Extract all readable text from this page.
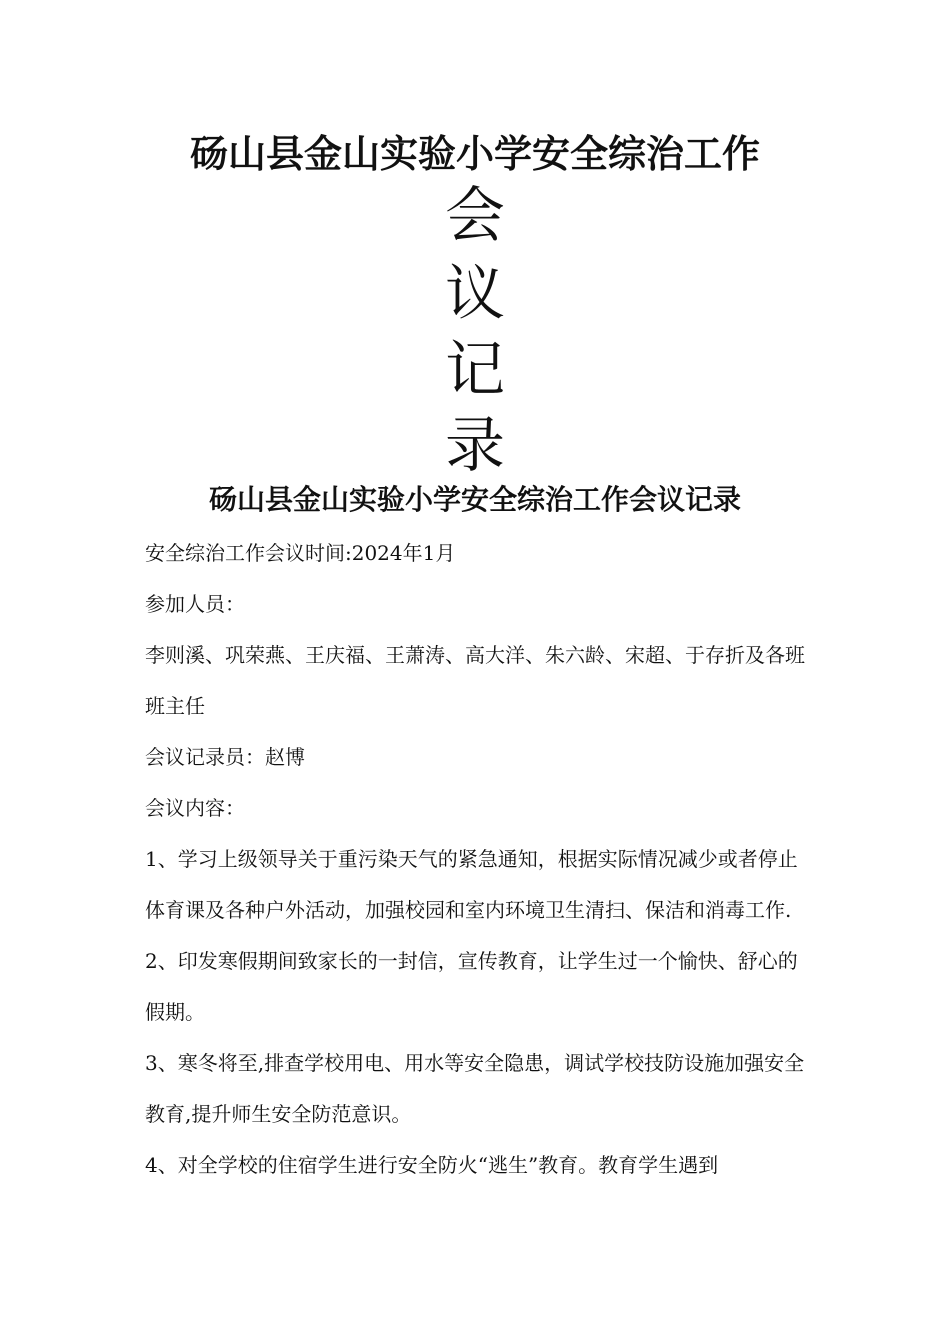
砀山县金山实验小学安全综治工作
会
议
记
录
砀山县金山实验小学安全综治工作会议记录

安全综治工作会议时间:2024年1月

参加人员：

李则溪、巩荣燕、王庆福、王萧涛、高大洋、朱六龄、宋超、于存折及各班班主任

会议记录员：赵博

会议内容：

1、学习上级领导关于重污染天气的紧急通知，根据实际情况减少或者停止体育课及各种户外活动，加强校园和室内环境卫生清扫、保洁和消毒工作.

2、印发寒假期间致家长的一封信，宣传教育，让学生过一个愉快、舒心的假期。

3、寒冬将至,排查学校用电、用水等安全隐患，调试学校技防设施加强安全教育,提升师生安全防范意识。

4、对全学校的住宿学生进行安全防火“逃生”教育。教育学生遇到
